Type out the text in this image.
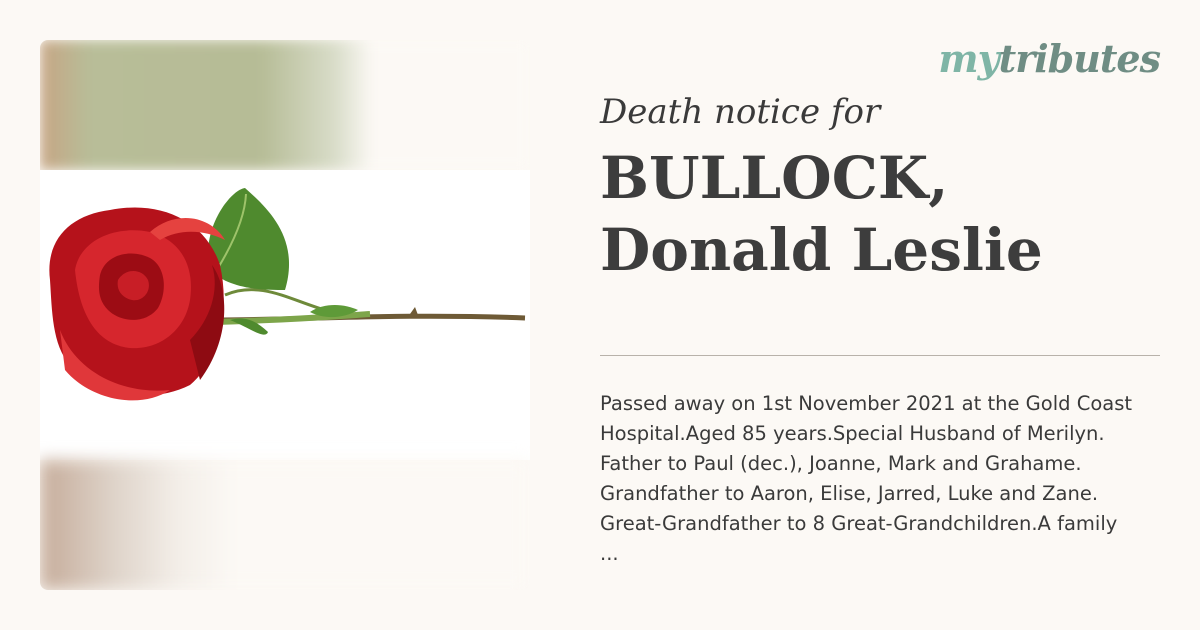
mytributes
Death notice for
BULLOCK,
Donald Leslie
Passed away on 1st November 2021 at the Gold Coast
Hospital.Aged 85 years.Special Husband of Merilyn.
Father to Paul (dec.), Joanne, Mark and Grahame.
Grandfather to Aaron, Elise, Jarred, Luke and Zane.
Great-Grandfather to 8 Great-Grandchildren.A family
...
